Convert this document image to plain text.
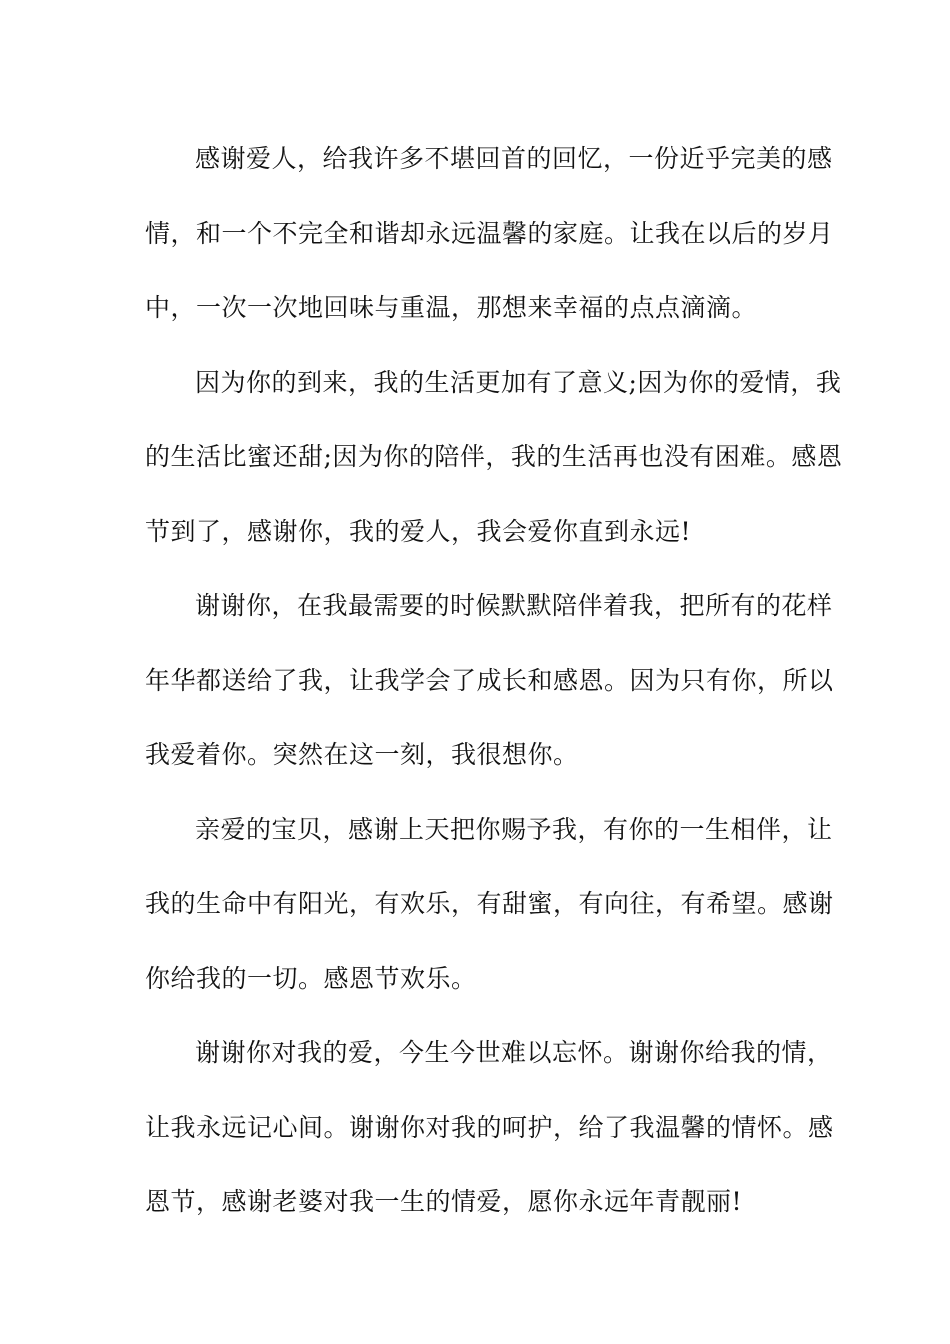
感谢爱人，给我许多不堪回首的回忆，一份近乎完美的感
情，和一个不完全和谐却永远温馨的家庭。让我在以后的岁月
中，一次一次地回味与重温，那想来幸福的点点滴滴。

因为你的到来，我的生活更加有了意义;因为你的爱情，我
的生活比蜜还甜;因为你的陪伴，我的生活再也没有困难。感恩
节到了，感谢你，我的爱人，我会爱你直到永远!

谢谢你，在我最需要的时候默默陪伴着我，把所有的花样
年华都送给了我，让我学会了成长和感恩。因为只有你，所以
我爱着你。突然在这一刻，我很想你。

亲爱的宝贝，感谢上天把你赐予我，有你的一生相伴，让
我的生命中有阳光，有欢乐，有甜蜜，有向往，有希望。感谢
你给我的一切。感恩节欢乐。

谢谢你对我的爱，今生今世难以忘怀。谢谢你给我的情，
让我永远记心间。谢谢你对我的呵护，给了我温馨的情怀。感
恩节，感谢老婆对我一生的情爱，愿你永远年青靓丽!
